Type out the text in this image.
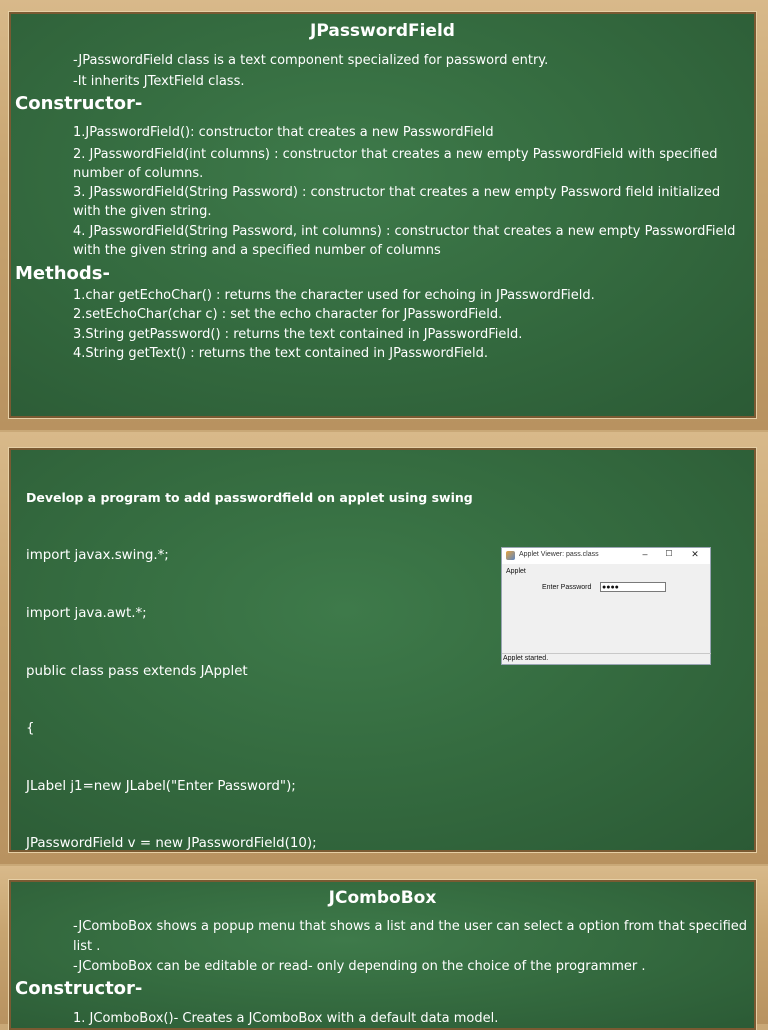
JPasswordField
-JPasswordField class is a text component specialized for password entry.
-It inherits JTextField class.
Constructor-
1.JPasswordField(): constructor that creates a new PasswordField
2. JPasswordField(int columns) : constructor that creates a new empty PasswordField with specified number of columns.
3. JPasswordField(String Password) : constructor that creates a new empty Password field initialized with the given string.
4. JPasswordField(String Password, int columns) : constructor that creates a new empty PasswordField with the given string and a specified number of columns
Methods-
1.char getEchoChar() : returns the character used for echoing in JPasswordField.
2.setEchoChar(char c) : set the echo character for JPasswordField.
3.String getPassword() : returns the text contained in JPasswordField.
4.String getText() : returns the text contained in JPasswordField.
Develop a program to add passwordfield on applet using swing

import javax.swing.*;

import java.awt.*;

public class pass extends JApplet

{

JLabel j1=new JLabel("Enter Password");

JPasswordField v = new JPasswordField(10);

Applet Viewer: pass.class	–	☐	✕
Applet
Enter Password ●●●●
Applet started.
JComboBox
-JComboBox shows a popup menu that shows a list and the user can select a option from that specified list .
-JComboBox can be editable or read- only depending on the choice of the programmer .
Constructor-
1. JComboBox()- Creates a JComboBox with a default data model.
